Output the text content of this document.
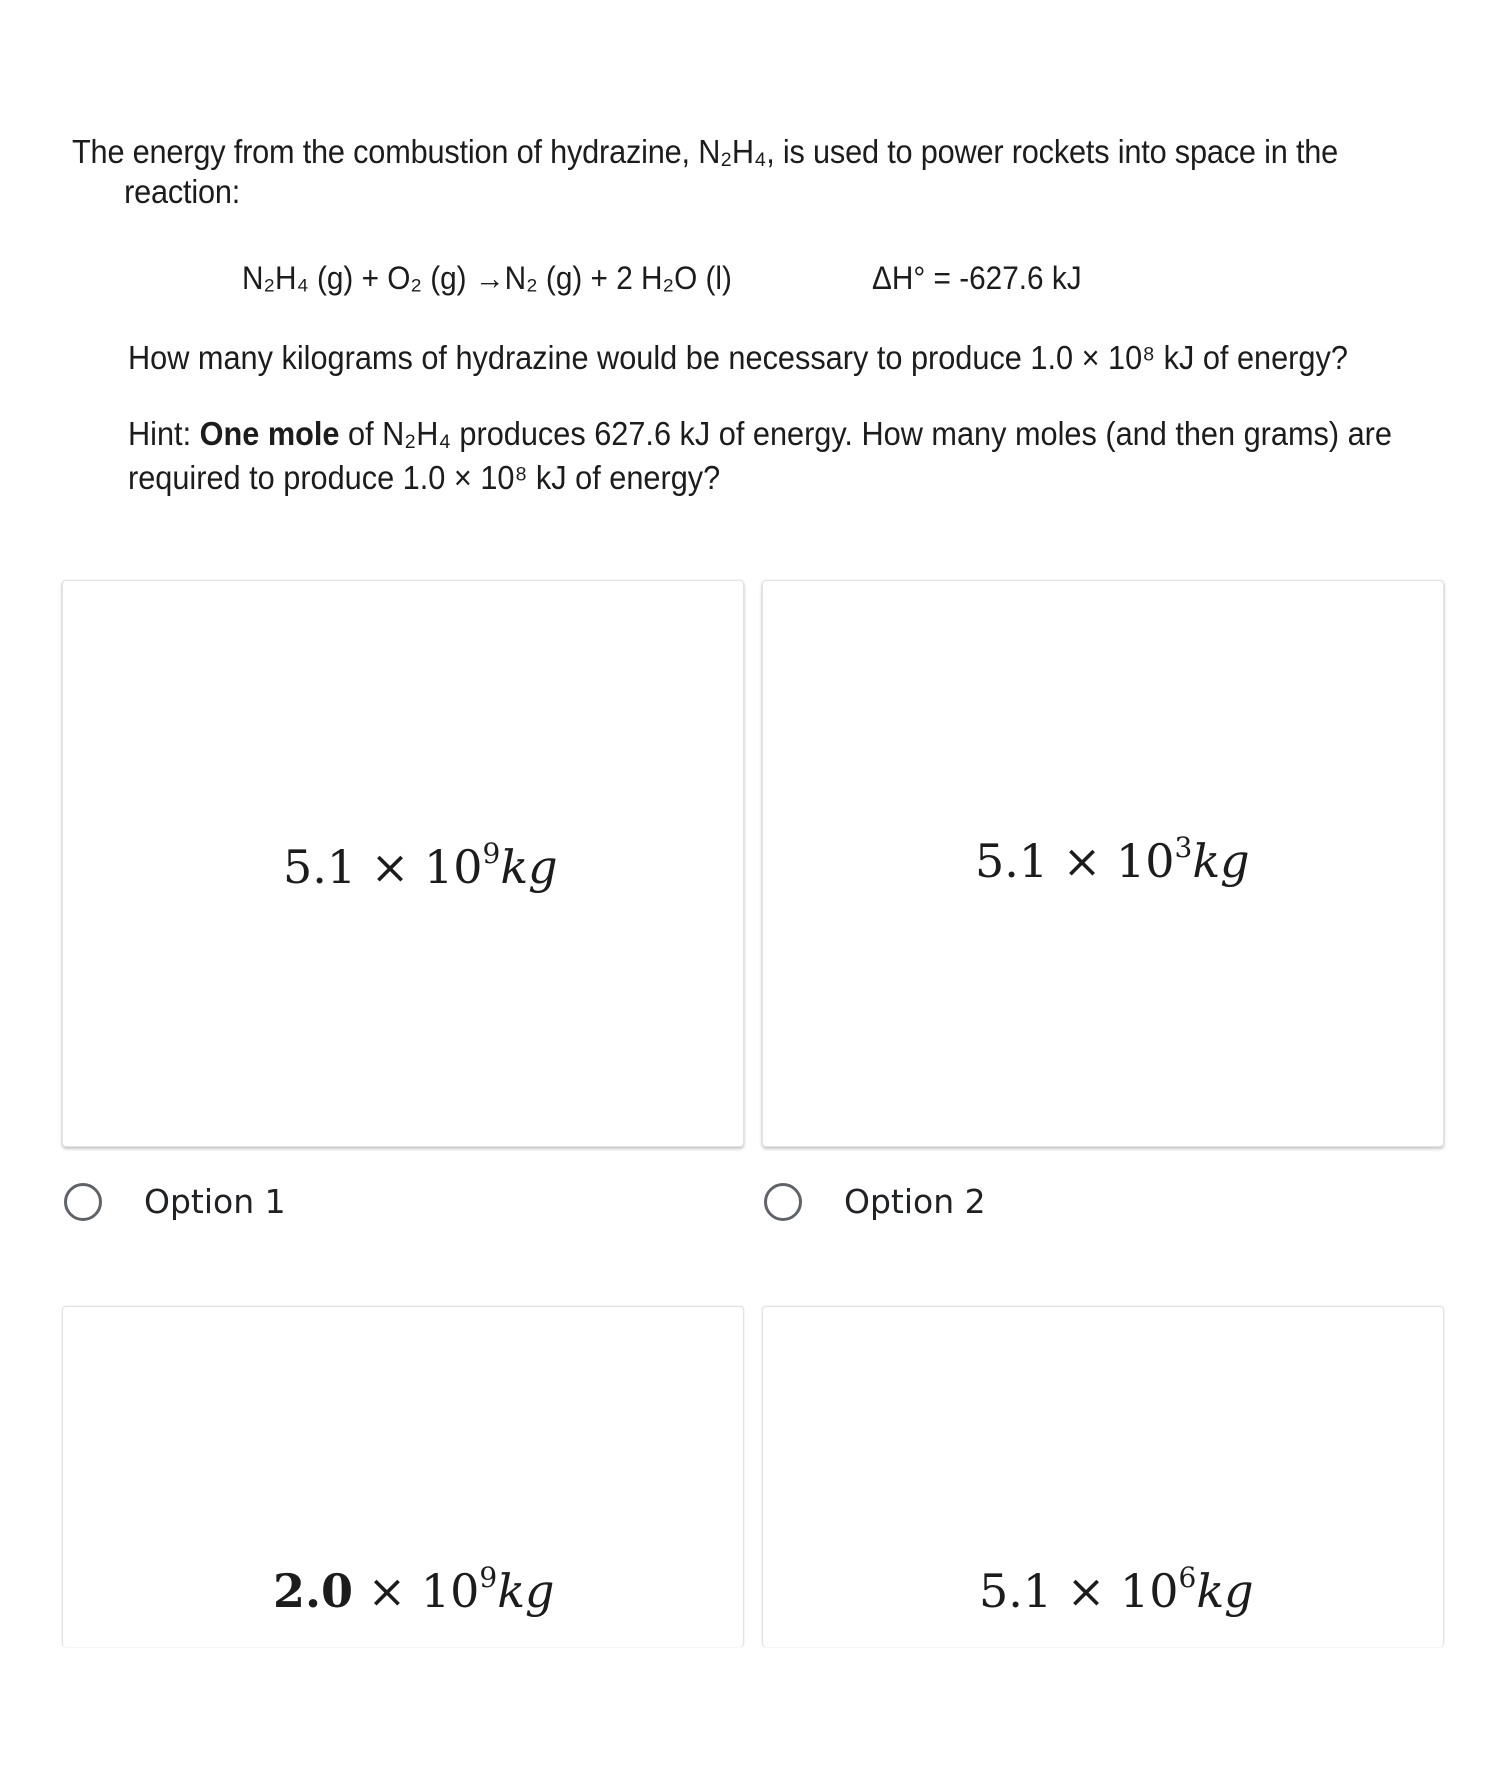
The energy from the combustion of hydrazine, N₂H₄, is used to power rockets into space in the

reaction:

N₂H₄ (g) + O₂ (g) →N₂ (g) + 2 H₂O (l)	ΔH° = -627.6 kJ
How many kilograms of hydrazine would be necessary to produce 1.0 × 10⁸ kJ of energy?
Hint: One mole of N₂H₄ produces 627.6 kJ of energy. How many moles (and then grams) are
required to produce 1.0 × 10⁸ kJ of energy?
$5.1 \times 10^9kg$	$5.1 \times 10^3kg$
Option 1	Option 2
$2.0 \times 10^9kg$	$5.1 \times 10^6kg$
